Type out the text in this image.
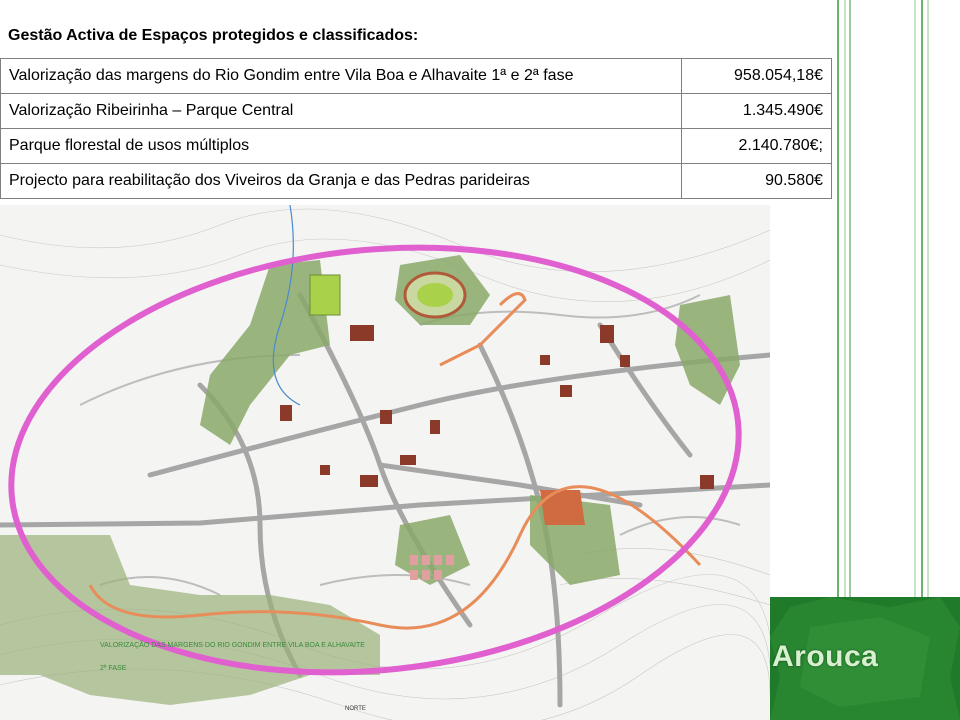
Gestão Activa de Espaços protegidos e classificados:
Valorização das margens do Rio Gondim entre Vila Boa e Alhavaite 1ª e 2ª fase	958.054,18€
Valorização Ribeirinha – Parque Central	1.345.490€
Parque florestal de usos múltiplos	2.140.780€;
Projecto para reabilitação dos Viveiros da Granja e das Pedras parideiras	90.580€
VALORIZAÇÃO DAS MARGENS DO RIO GONDIM ENTRE VILA BOA E ALHAVAITE
2ª FASE
NORTE
Arouca
